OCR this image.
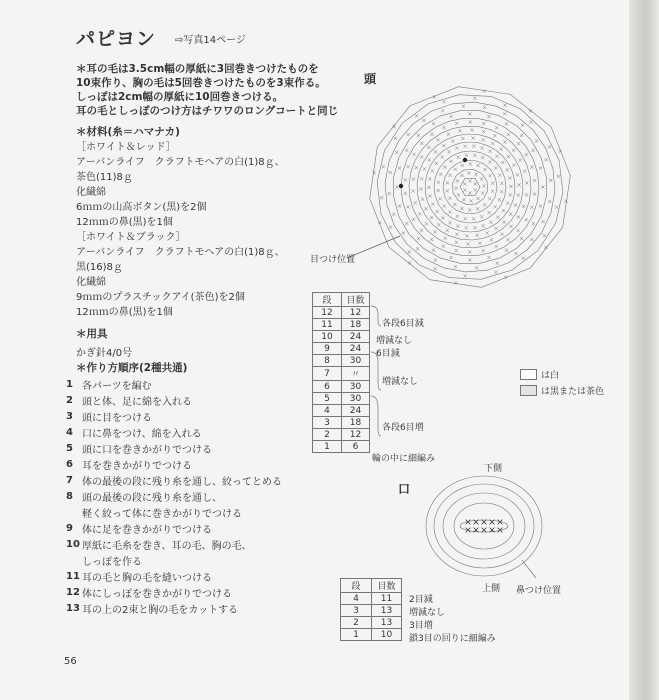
パピヨン ⇨写真14ページ
＊耳の毛は3.5cm幅の厚紙に3回巻きつけたものを
10束作り、胸の毛は5回巻きつけたものを3束作る。
しっぽは2cm幅の厚紙に10回巻きつける。
耳の毛としっぽのつけ方はチワワのロングコートと同じ
＊材料(糸＝ハマナカ)
［ホワイト＆レッド］
アーバンライフ　クラフトモヘアの白(1)8ｇ、
茶色(11)8ｇ
化繊綿
6ｍｍの山高ボタン(黒)を2個
12ｍｍの鼻(黒)を1個
［ホワイト＆ブラック］
アーバンライフ　クラフトモヘアの白(1)8ｇ、
黒(16)8ｇ
化繊綿
9ｍｍのプラスチックアイ(茶色)を2個
12ｍｍの鼻(黒)を1個
＊用具
かぎ針4/0号
＊作り方順序(2種共通)
1 各パーツを編む
2 頭と体、足に綿を入れる
3 頭に目をつける
4 口に鼻をつけ、綿を入れる
5 頭に口を巻きかがりでつける
6 耳を巻きかがりでつける
7 体の最後の段に残り糸を通し、絞ってとめる
8 頭の最後の段に残り糸を通し、
軽く絞って体に巻きかがりでつける
9 体に足を巻きかがりでつける
10 厚紙に毛糸を巻き、耳の毛、胸の毛、
しっぽを作る
11 耳の毛と胸の毛を縫いつける
12 体にしっぽを巻きかがりでつける
13 耳の上の2束と胸の毛をカットする
56
頭
目つけ位置
段	目数
12	12
11	18
10	24
9	24
8	30
7	〃
6	30
5	30
4	24
3	18
2	12
1	6
各段6目減
増減なし
6目減
増減なし
各段6目増
輪の中に細編み
は白
は黒または茶色
下側
口
上側 鼻つけ位置
段	目数
4	11
3	13
2	13
1	10
2目減
増減なし
3目増
鎖3目の回りに細編み
